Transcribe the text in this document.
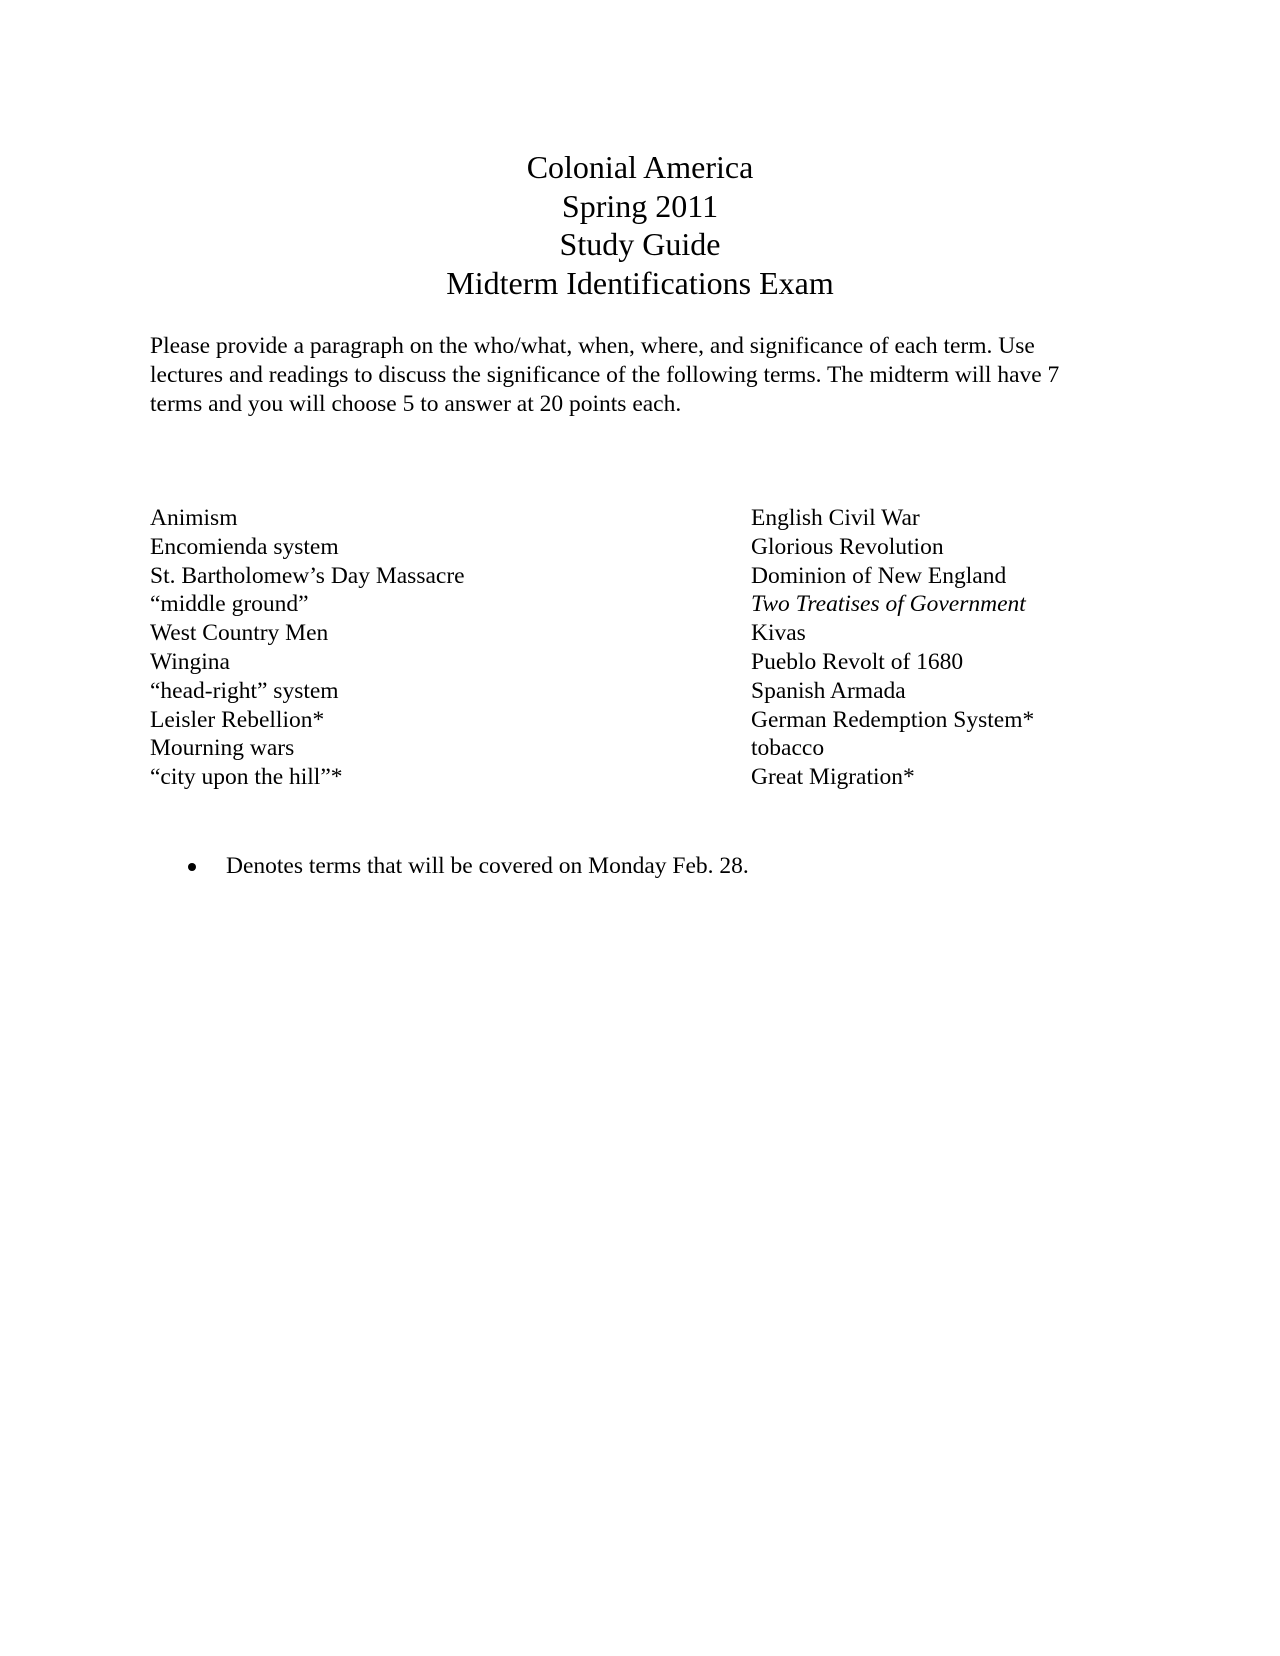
Colonial America
Spring 2011
Study Guide
Midterm Identifications Exam
Please provide a paragraph on the who/what, when, where, and significance of each term. Use
lectures and readings to discuss the significance of the following terms. The midterm will have 7
terms and you will choose 5 to answer at 20 points each.
Animism
Encomienda system
St. Bartholomew’s Day Massacre
“middle ground”
West Country Men
Wingina
“head-right” system
Leisler Rebellion*
Mourning wars
“city upon the hill”*
English Civil War
Glorious Revolution
Dominion of New England
Two Treatises of Government
Kivas
Pueblo Revolt of 1680
Spanish Armada
German Redemption System*
tobacco
Great Migration*
Denotes terms that will be covered on Monday Feb. 28.
